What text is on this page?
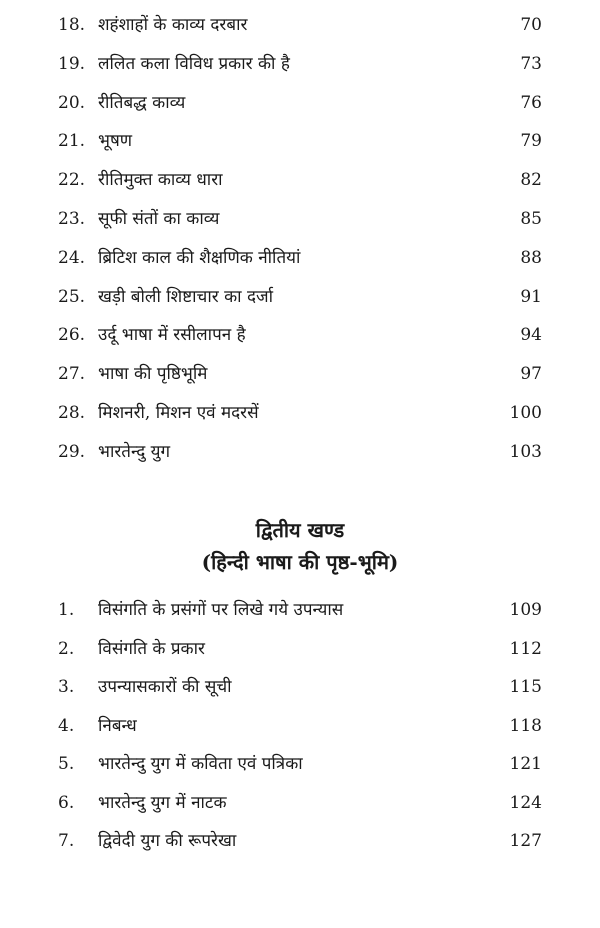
18. शहंशाहों के काव्य दरबार	70
19. ललित कला विविध प्रकार की है	73
20. रीतिबद्ध काव्य	76
21. भूषण	79
22. रीतिमुक्त काव्य धारा	82
23. सूफी संतों का काव्य	85
24. ब्रिटिश काल की शैक्षणिक नीतियां	88
25. खड़ी बोली शिष्टाचार का दर्जा	91
26. उर्दू भाषा में रसीलापन है	94
27. भाषा की पृष्ठिभूमि	97
28. मिशनरी, मिशन एवं मदरसें	100
29. भारतेन्दु युग	103
द्वितीय खण्ड
(हिन्दी भाषा की पृष्ठ-भूमि)
1.	विसंगति के प्रसंगों पर लिखे गये उपन्यास	109
2.	विसंगति के प्रकार	112
3.	उपन्यासकारों की सूची	115
4.	निबन्ध	118
5.	भारतेन्दु युग में कविता एवं पत्रिका	121
6.	भारतेन्दु युग में नाटक	124
7.	द्विवेदी युग की रूपरेखा	127
